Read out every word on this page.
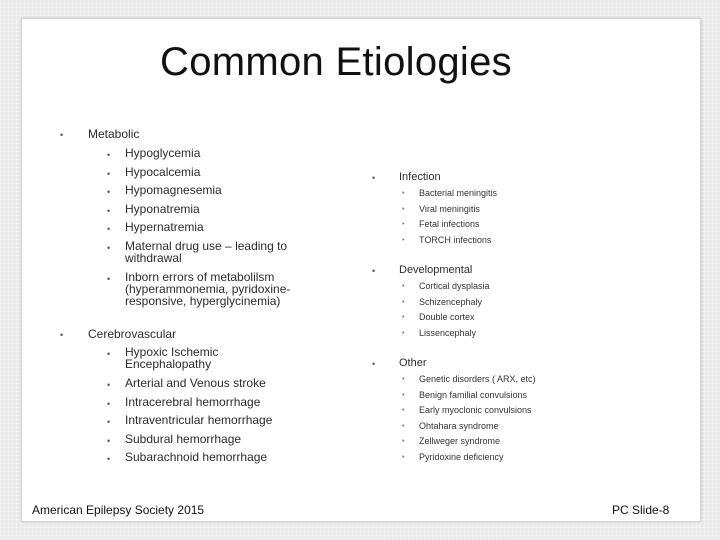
Common Etiologies
• Metabolic
• Hypoglycemia
• Hypocalcemia
• Hypomagnesemia
• Hyponatremia
• Hypernatremia
• Maternal drug use – leading to
withdrawal
• Inborn errors of metabolilsm
(hyperammonemia, pyridoxine-
responsive, hyperglycinemia)
• Cerebrovascular
• Hypoxic Ischemic
Encephalopathy
• Arterial and Venous stroke
• Intracerebral hemorrhage
• Intraventricular hemorrhage
• Subdural hemorrhage
• Subarachnoid hemorrhage
• Infection
• Bacterial meningitis
• Viral meningitis
• Fetal infections
• TORCH infections
• Developmental
• Cortical dysplasia
• Schizencephaly
• Double cortex
• Lissencephaly
• Other
• Genetic disorders ( ARX, etc)
• Benign familial convulsions
• Early myoclonic convulsions
• Ohtahara syndrome
• Zellweger syndrome
• Pyridoxine deficiency
American Epilepsy Society 2015	PC Slide-8
